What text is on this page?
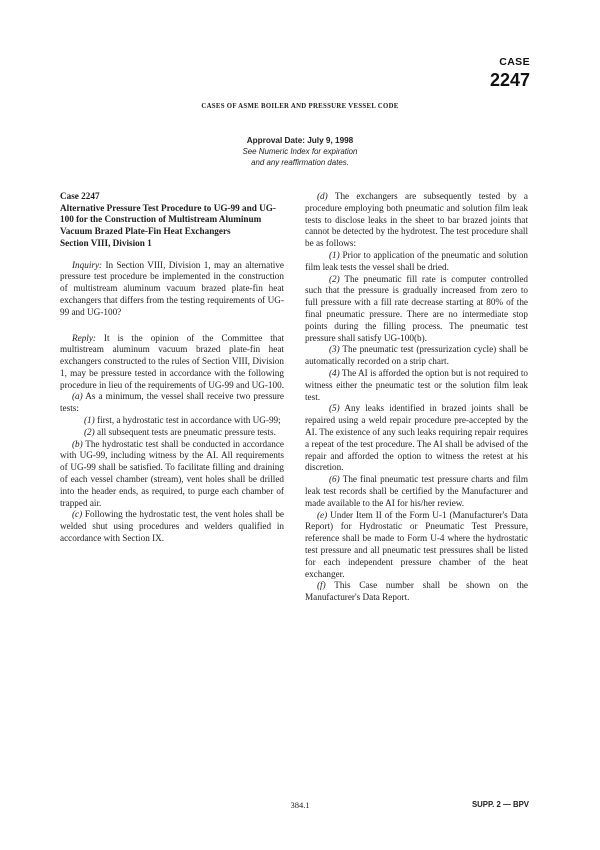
CASE
2247
CASES OF ASME BOILER AND PRESSURE VESSEL CODE
Approval Date: July 9, 1998
See Numeric Index for expiration
and any reaffirmation dates.

Case 2247

Alternative Pressure Test Procedure to UG-99 and UG-100 for the Construction of Multistream Aluminum Vacuum Brazed Plate-Fin Heat Exchangers

Section VIII, Division 1

Inquiry: In Section VIII, Division 1, may an alternative pressure test procedure be implemented in the construction of multistream aluminum vacuum brazed plate-fin heat exchangers that differs from the testing requirements of UG-99 and UG-100?

Reply: It is the opinion of the Committee that multistream aluminum vacuum brazed plate-fin heat exchangers constructed to the rules of Section VIII, Division 1, may be pressure tested in accordance with the following procedure in lieu of the requirements of UG-99 and UG-100.

(a) As a minimum, the vessel shall receive two pressure tests:

(1) first, a hydrostatic test in accordance with UG-99;

(2) all subsequent tests are pneumatic pressure tests.

(b) The hydrostatic test shall be conducted in accordance with UG-99, including witness by the AI. All requirements of UG-99 shall be satisfied. To facilitate filling and draining of each vessel chamber (stream), vent holes shall be drilled into the header ends, as required, to purge each chamber of trapped air.

(c) Following the hydrostatic test, the vent holes shall be welded shut using procedures and welders qualified in accordance with Section IX.

(d) The exchangers are subsequently tested by a procedure employing both pneumatic and solution film leak tests to disclose leaks in the sheet to bar brazed joints that cannot be detected by the hydrotest. The test procedure shall be as follows:

(1) Prior to application of the pneumatic and solution film leak tests the vessel shall be dried.

(2) The pneumatic fill rate is computer controlled such that the pressure is gradually increased from zero to full pressure with a fill rate decrease starting at 80% of the final pneumatic pressure. There are no intermediate stop points during the filling process. The pneumatic test pressure shall satisfy UG-100(b).

(3) The pneumatic test (pressurization cycle) shall be automatically recorded on a strip chart.

(4) The AI is afforded the option but is not required to witness either the pneumatic test or the solution film leak test.

(5) Any leaks identified in brazed joints shall be repaired using a weld repair procedure pre-accepted by the AI. The existence of any such leaks requiring repair requires a repeat of the test procedure. The AI shall be advised of the repair and afforded the option to witness the retest at his discretion.

(6) The final pneumatic test pressure charts and film leak test records shall be certified by the Manufacturer and made available to the AI for his/her review.

(e) Under Item II of the Form U-1 (Manufacturer's Data Report) for Hydrostatic or Pneumatic Test Pressure, reference shall be made to Form U-4 where the hydrostatic test pressure and all pneumatic test pressures shall be listed for each independent pressure chamber of the heat exchanger.

(f) This Case number shall be shown on the Manufacturer's Data Report.

384.1	SUPP. 2 — BPV
